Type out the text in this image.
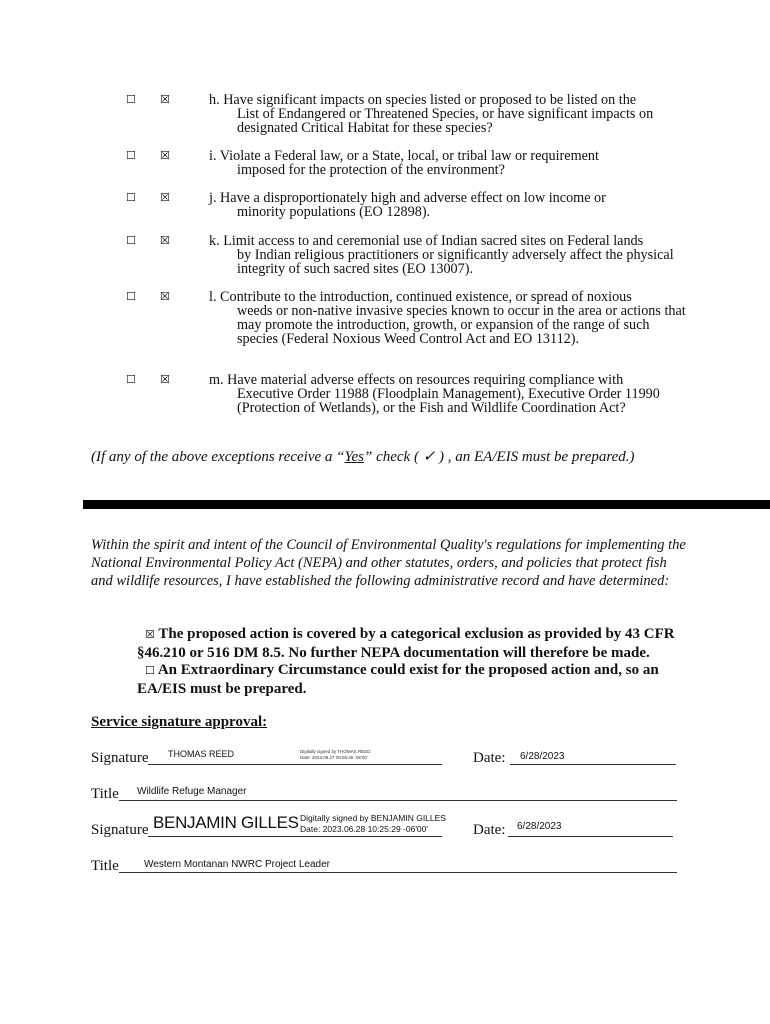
☐ ☒	h. Have significant impacts on species listed or proposed to be listed on the
List of Endangered or Threatened Species, or have significant impacts on designated Critical Habitat for these species?
☐ ☒	i. Violate a Federal law, or a State, local, or tribal law or requirement
imposed for the protection of the environment?
☐ ☒	j. Have a disproportionately high and adverse effect on low income or
minority populations (EO 12898).
☐ ☒	k. Limit access to and ceremonial use of Indian sacred sites on Federal lands
by Indian religious practitioners or significantly adversely affect the physical integrity of such sacred sites (EO 13007).
☐ ☒	l. Contribute to the introduction, continued existence, or spread of noxious
weeds or non-native invasive species known to occur in the area or actions that may promote the introduction, growth, or expansion of the range of such species (Federal Noxious Weed Control Act and EO 13112).
☐ ☒	m. Have material adverse effects on resources requiring compliance with
Executive Order 11988 (Floodplain Management), Executive Order 11990 (Protection of Wetlands), or the Fish and Wildlife Coordination Act?
(If any of the above exceptions receive a “Yes” check ( ✓ ) , an EA/EIS must be prepared.)
Within the spirit and intent of the Council of Environmental Quality's regulations for implementing the National Environmental Policy Act (NEPA) and other statutes, orders, and policies that protect fish and wildlife resources, I have established the following administrative record and have determined:
☒ The proposed action is covered by a categorical exclusion as provided by 43 CFR §46.210 or 516 DM 8.5. No further NEPA documentation will therefore be made.
☐ An Extraordinary Circumstance could exist for the proposed action and, so an EA/EIS must be prepared.
Service signature approval:
Signature THOMAS REED	Digitally signed by THOMAS REED
Date: 2023.06.27 09:56:46 -06'00'	Date: 6/28/2023
Title Wildlife Refuge Manager
Signature BENJAMIN GILLES Digitally signed by BENJAMIN GILLES
Date: 2023.06.28 10:25:29 -06'00'	Date: 6/28/2023
Title	Western Montanan NWRC Project Leader
